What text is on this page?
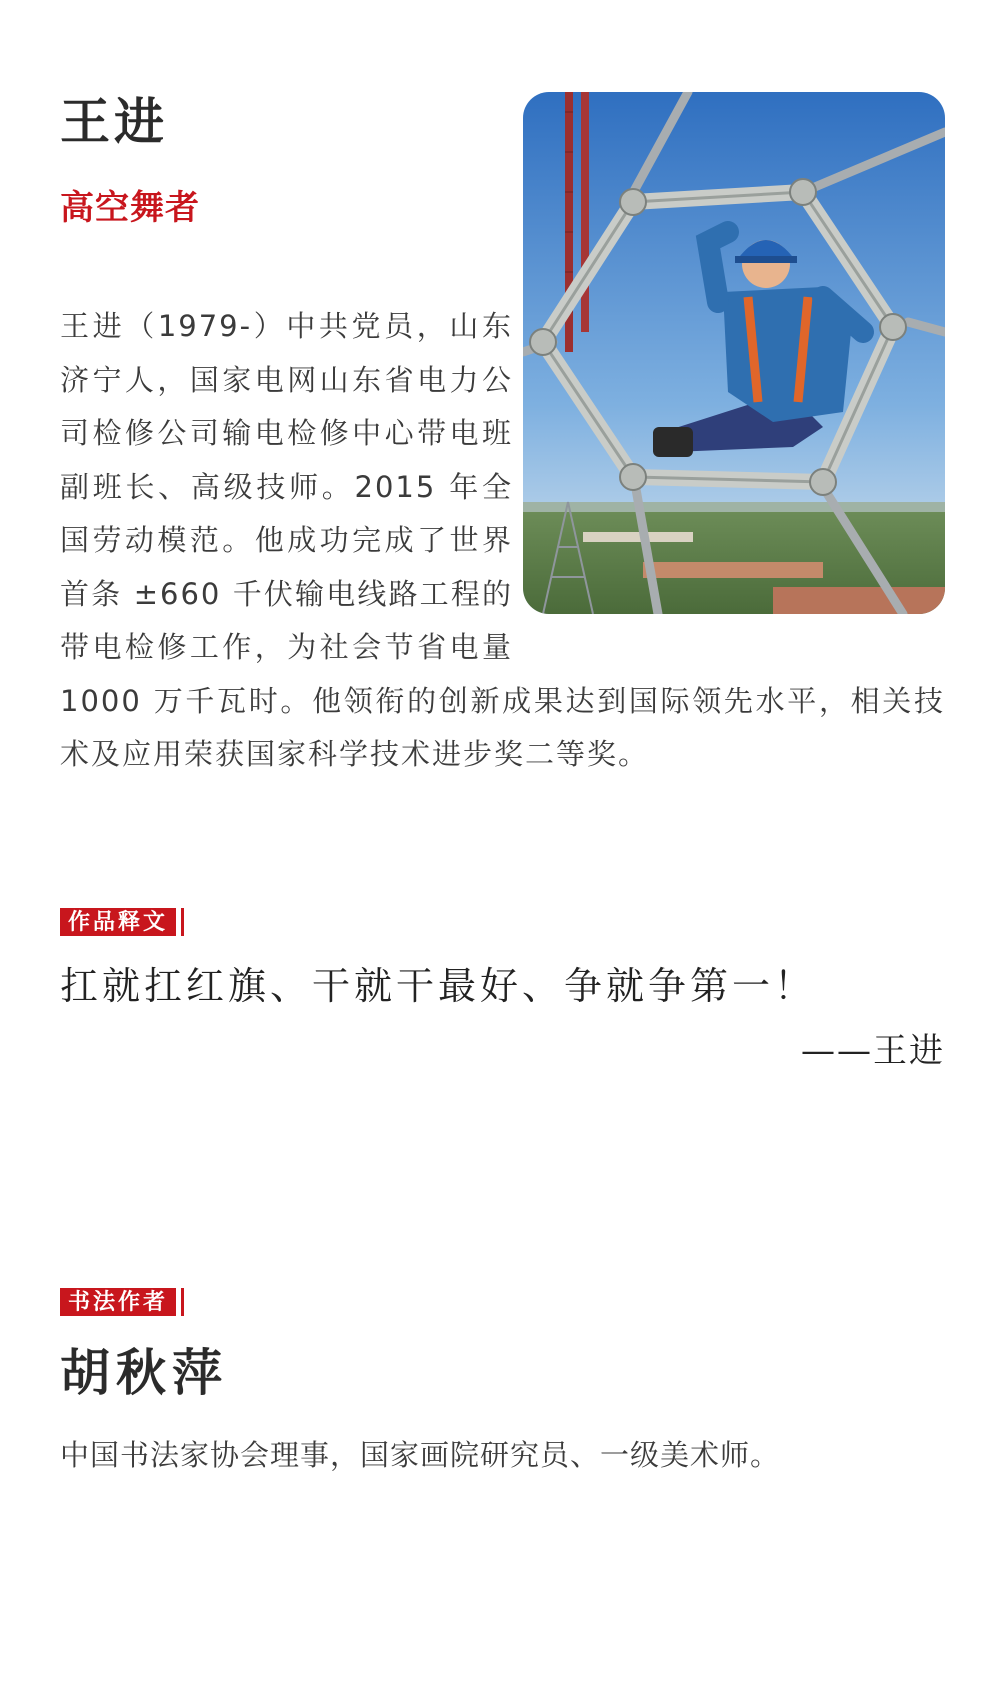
王进
高空舞者

王进（1979-）中共党员，山东济宁人，国家电网山东省电力公司检修公司输电检修中心带电班副班长、高级技师。2015 年全国劳动模范。他成功完成了世界首条 ±660 千伏输电线路工程的带电检修工作，为社会节省电量 1000 万千瓦时。他领衔的创新成果达到国际领先水平，相关技术及应用荣获国家科学技术进步奖二等奖。

作品释文

扛就扛红旗、干就干最好、争就争第一！

——王进

书法作者
胡秋萍

中国书法家协会理事，国家画院研究员、一级美术师。
